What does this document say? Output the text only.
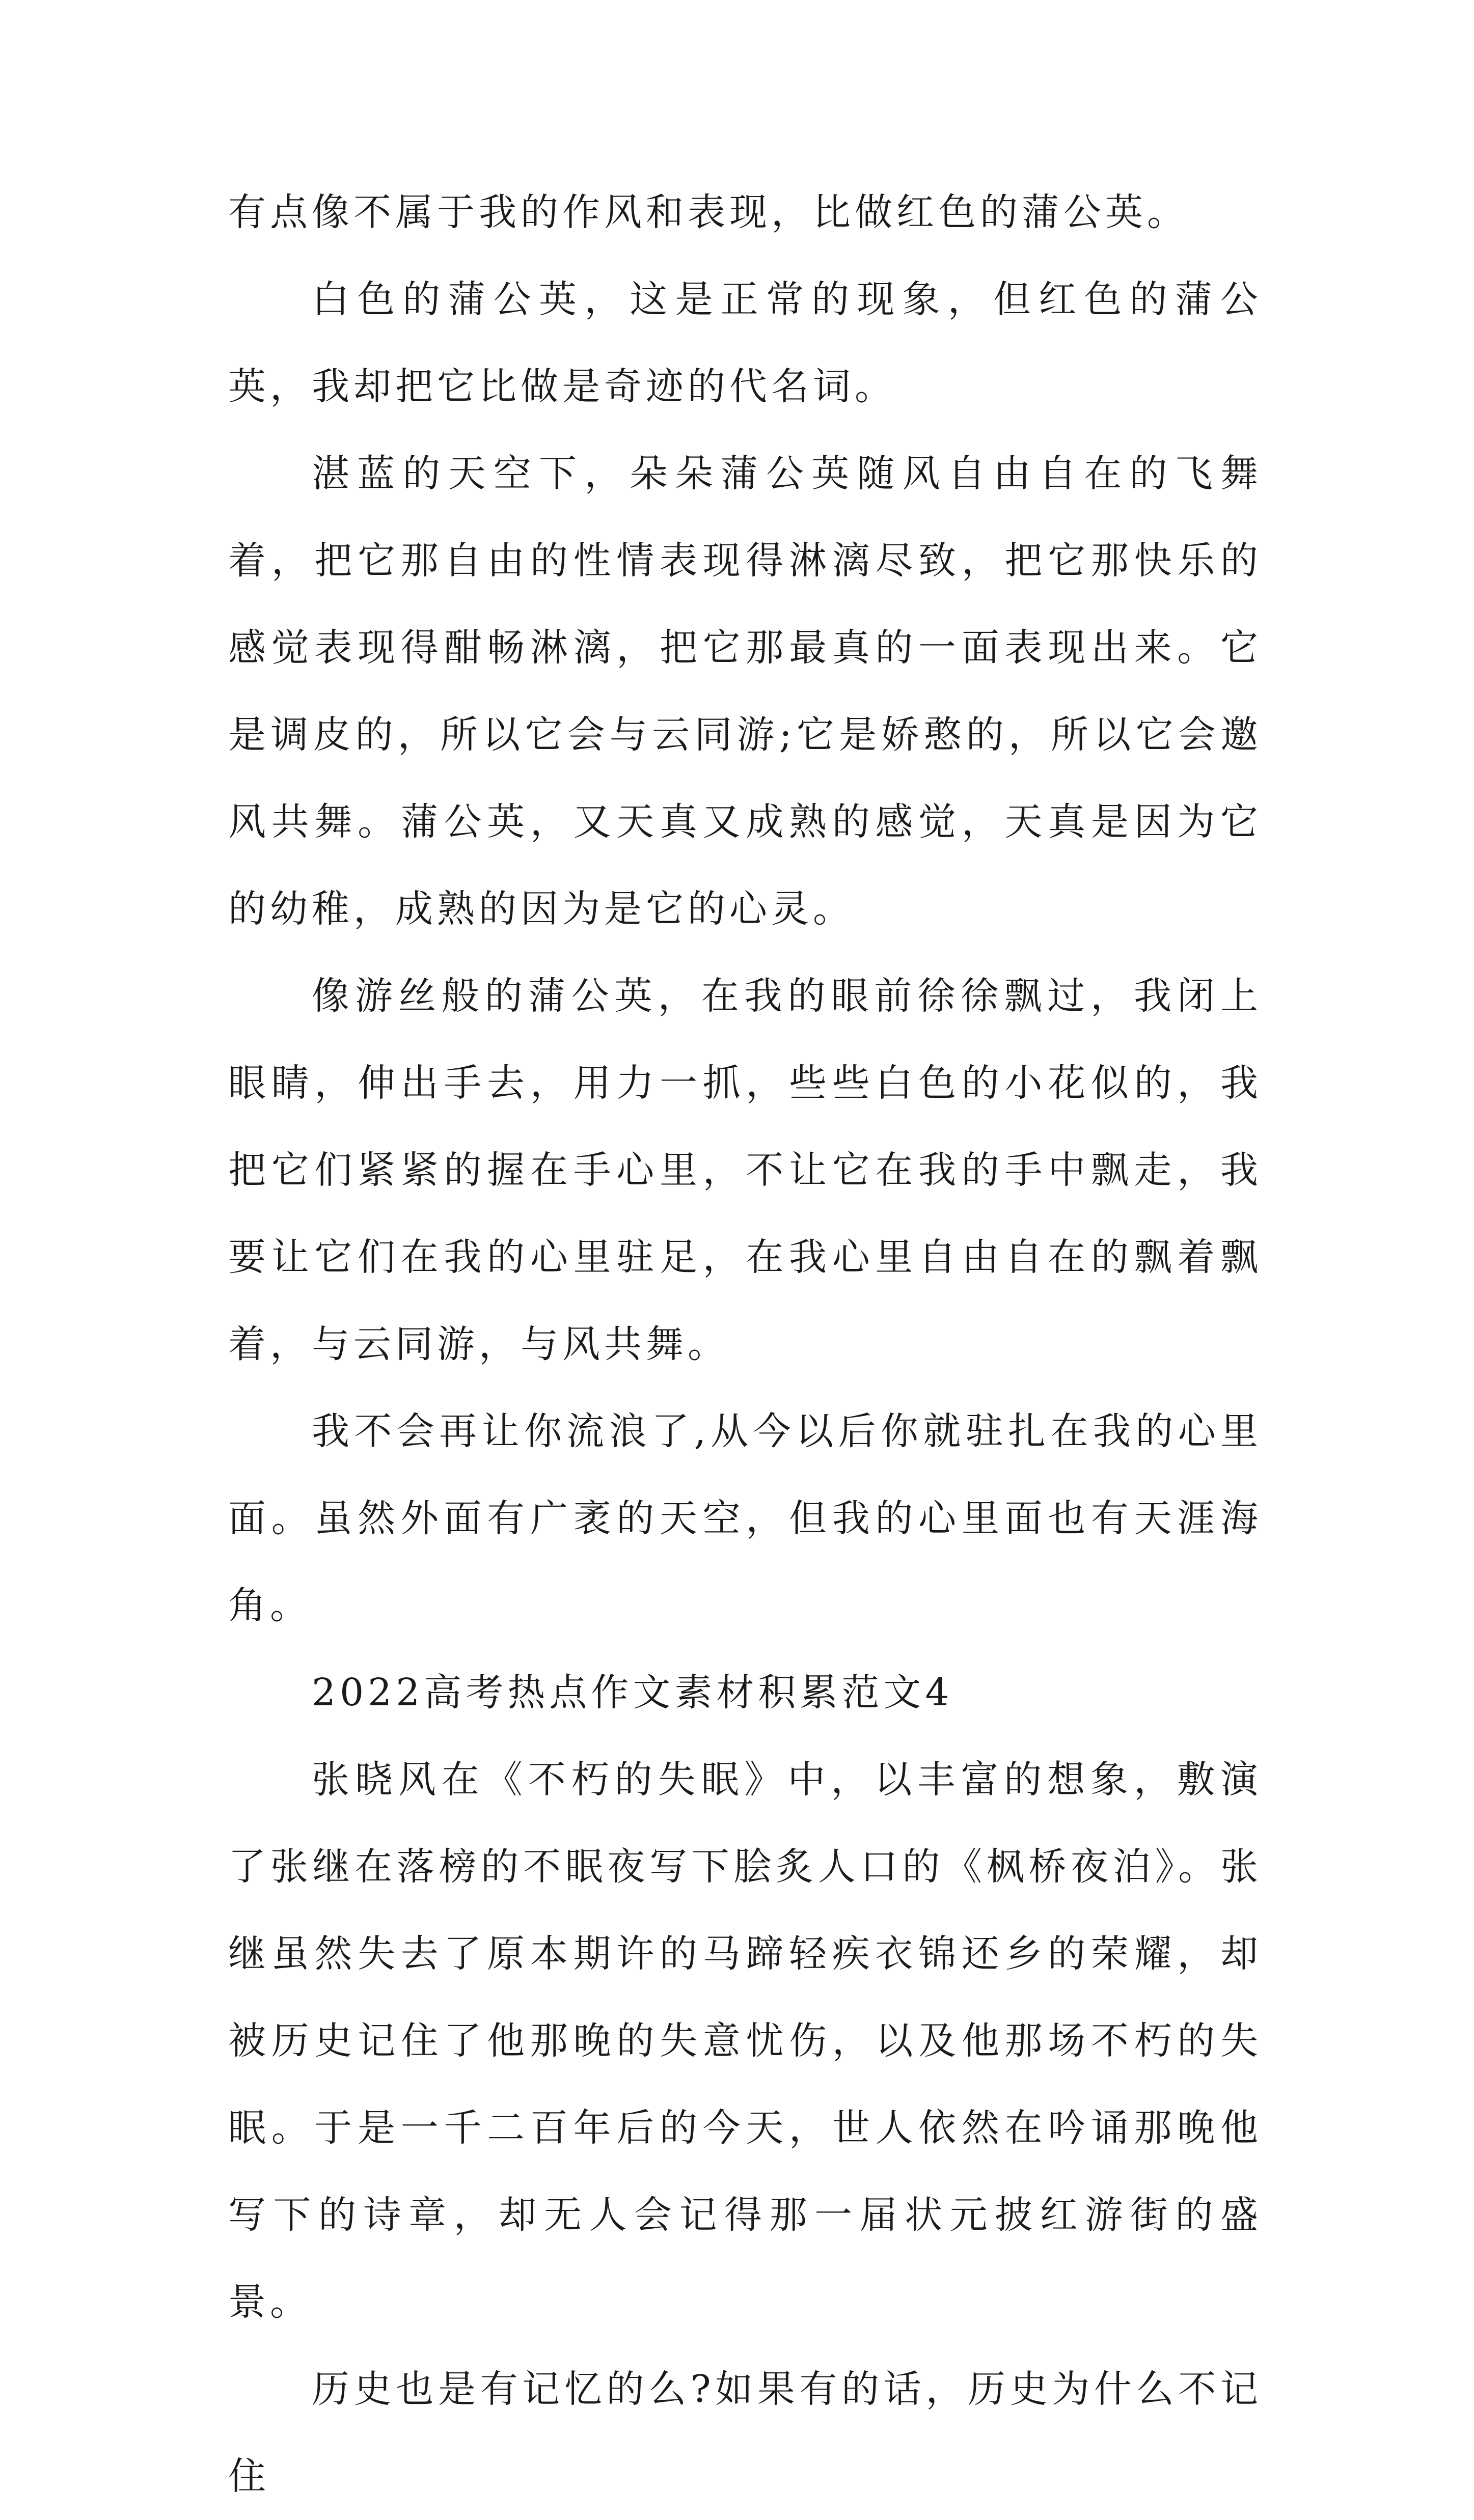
有点像不属于我的作风和表现，比做红色的蒲公英。

白色的蒲公英，这是正常的现象，但红色的蒲公英，我却把它比做是奇迹的代名词。

湛蓝的天空下，朵朵蒲公英随风自由自在的飞舞着，把它那自由的性情表现得淋漓尽致，把它那快乐的感觉表现得酣畅淋漓，把它那最真的一面表现出来。它是调皮的，所以它会与云同游;它是娇憨的，所以它会邀风共舞。蒲公英，又天真又成熟的感觉，天真是因为它的幼稚，成熟的因为是它的心灵。

像游丝般的蒲公英，在我的眼前徐徐飘过，我闭上眼睛，伸出手去，用力一抓，些些白色的小花似的，我把它们紧紧的握在手心里，不让它在我的手中飘走，我要让它们在我的心里驻足，在我心里自由自在的飘着飘着，与云同游，与风共舞。

我不会再让你流浪了,从今以后你就驻扎在我的心里面。虽然外面有广袤的天空，但我的心里面也有天涯海角。

2022高考热点作文素材积累范文4

张晓风在《不朽的失眠》中，以丰富的想象，敷演了张继在落榜的不眠夜写下脍炙人口的《枫桥夜泊》。张继虽然失去了原本期许的马蹄轻疾衣锦还乡的荣耀，却被历史记住了他那晚的失意忧伤，以及他那场不朽的失眠。于是一千二百年后的今天，世人依然在吟诵那晚他写下的诗章，却无人会记得那一届状元披红游街的盛景。

历史也是有记忆的么?如果有的话，历史为什么不记住
